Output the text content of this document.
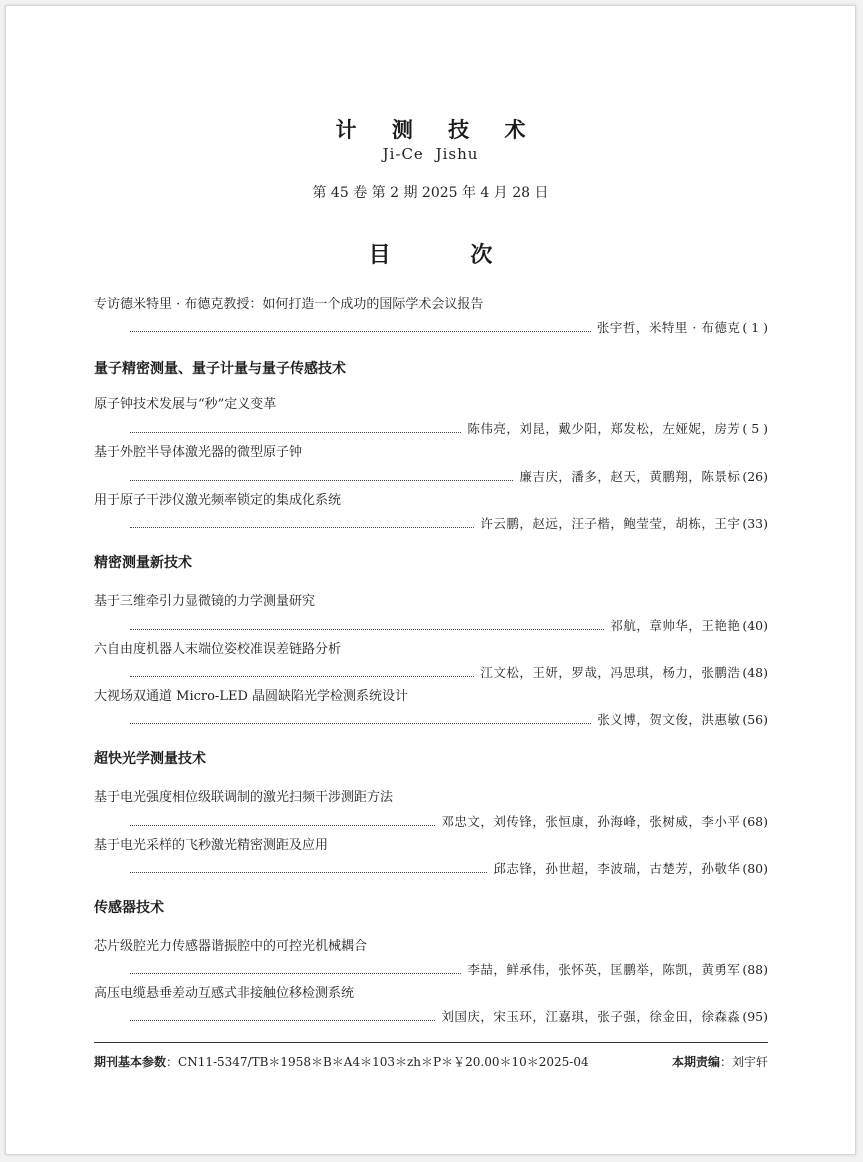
计 测 技 术
Ji-Ce Jishu
第 45 卷 第 2 期 2025 年 4 月 28 日
目 次
专访德米特里 · 布德克教授：如何打造一个成功的国际学术会议报告
张宇哲，米特里 · 布德克 ( 1 )
量子精密测量、量子计量与量子传感技术
原子钟技术发展与“秒”定义变革
陈伟亮，刘昆，戴少阳，郑发松，左娅妮，房芳 ( 5 )
基于外腔半导体激光器的微型原子钟
廉吉庆，潘多，赵天，黄鹏翔，陈景标 (26)
用于原子干涉仪激光频率锁定的集成化系统
许云鹏，赵远，汪子楷，鲍莹莹，胡栋，王宇 (33)
精密测量新技术
基于三维牵引力显微镜的力学测量研究
祁航，章帅华，王艳艳 (40)
六自由度机器人末端位姿校准误差链路分析
江文松，王妍，罗哉，冯思琪，杨力，张鹏浩 (48)
大视场双通道 Micro-LED 晶圆缺陷光学检测系统设计
张义博，贺文俊，洪惠敏 (56)
超快光学测量技术
基于电光强度相位级联调制的激光扫频干涉测距方法
邓忠文，刘传锋，张恒康，孙海峰，张树威，李小平 (68)
基于电光采样的飞秒激光精密测距及应用
邱志锋，孙世超，李波瑞，古楚芳，孙敬华 (80)
传感器技术
芯片级腔光力传感器谐振腔中的可控光机械耦合
李喆，鲜承伟，张怀英，匡鹏举，陈凯，黄勇军 (88)
高压电缆悬垂差动互感式非接触位移检测系统
刘国庆，宋玉环，江嘉琪，张子强，徐金田，徐森淼 (95)
期刊基本参数：CN11-5347/TB＊1958＊B＊A4＊103＊zh＊P＊￥20.00＊10＊2025-04	本期责编：刘宇轩
